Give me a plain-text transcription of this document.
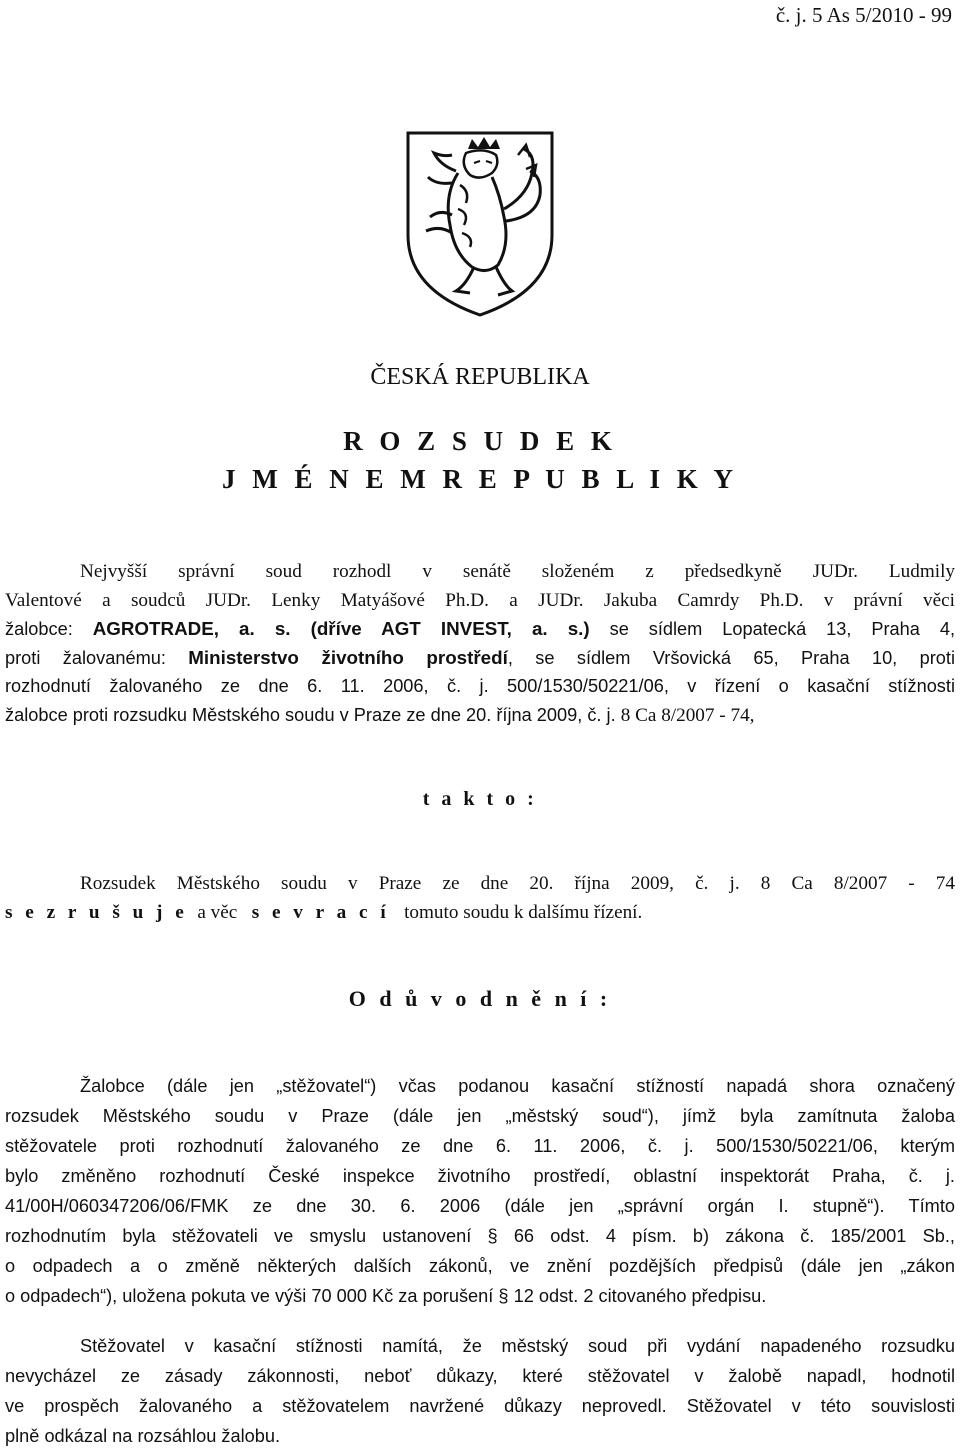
č. j. 5 As 5/2010 - 99
ČESKÁ REPUBLIKA
R O Z S U D E K
J M É N E M R E P U B L I K Y
Nejvyšší správní soud rozhodl v senátě složeném z předsedkyně JUDr. Ludmily
Valentové a soudců JUDr. Lenky Matyášové Ph.D. a JUDr. Jakuba Camrdy Ph.D. v právní věci
žalobce: AGROTRADE, a. s. (dříve AGT INVEST, a. s.) se sídlem Lopatecká 13, Praha 4,
proti žalovanému: Ministerstvo životního prostředí, se sídlem Vršovická 65, Praha 10, proti
rozhodnutí žalovaného ze dne 6. 11. 2006, č. j. 500/1530/50221/06, v řízení o kasační stížnosti
žalobce proti rozsudku Městského soudu v Praze ze dne 20. října 2009, č. j. 8 Ca 8/2007 - 74,
t a k t o :
Rozsudek Městského soudu v Praze ze dne 20. října 2009, č. j. 8 Ca 8/2007 - 74
s e z r u š u j e a věc s e v r a c í tomuto soudu k dalšímu řízení.
O d ů v o d n ě n í :
Žalobce (dále jen „stěžovatel“) včas podanou kasační stížností napadá shora označený
rozsudek Městského soudu v Praze (dále jen „městský soud“), jímž byla zamítnuta žaloba
stěžovatele proti rozhodnutí žalovaného ze dne 6. 11. 2006, č. j. 500/1530/50221/06, kterým
bylo změněno rozhodnutí České inspekce životního prostředí, oblastní inspektorát Praha, č. j.
41/00H/060347206/06/FMK ze dne 30. 6. 2006 (dále jen „správní orgán I. stupně“). Tímto
rozhodnutím byla stěžovateli ve smyslu ustanovení § 66 odst. 4 písm. b) zákona č. 185/2001 Sb.,
o odpadech a o změně některých dalších zákonů, ve znění pozdějších předpisů (dále jen „zákon
o odpadech“), uložena pokuta ve výši 70 000 Kč za porušení § 12 odst. 2 citovaného předpisu.
Stěžovatel v kasační stížnosti namítá, že městský soud při vydání napadeného rozsudku
nevycházel ze zásady zákonnosti, neboť důkazy, které stěžovatel v žalobě napadl, hodnotil
ve prospěch žalovaného a stěžovatelem navržené důkazy neprovedl. Stěžovatel v této souvislosti
plně odkázal na rozsáhlou žalobu.
